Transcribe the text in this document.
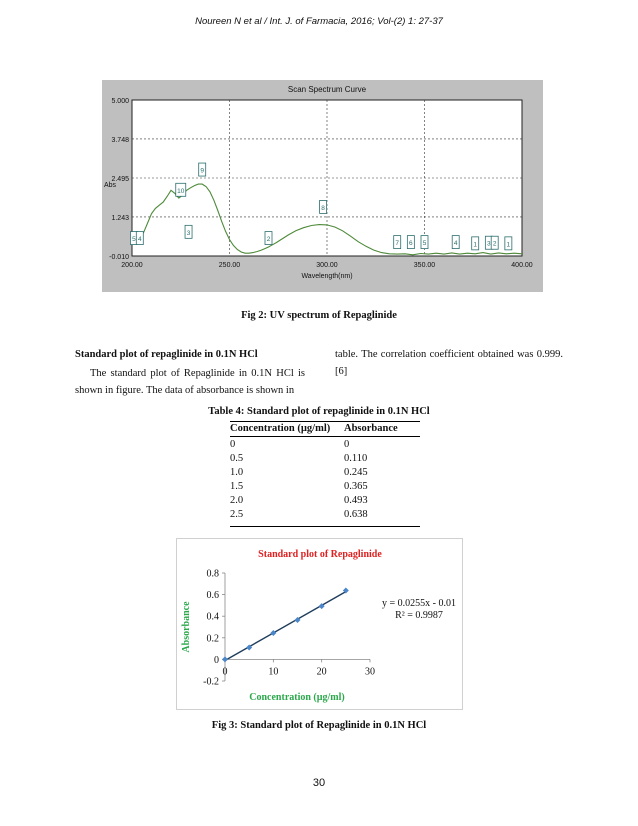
Noureen N et al / Int. J. of Farmacia, 2016; Vol-(2) 1: 27-37
Scan Spectrum Curve
5.000
3.748
2.495
1.243
-0.010
200.00	250.00	300.00	350.00	400.00
Wavelength(nm)
Abs
5 4
10
9
3
2
8
7 6 5	4 1 3 2 1
Fig 2: UV spectrum of Repaglinide
Standard plot of repaglinide in 0.1N HCl
The standard plot of Repaglinide in 0.1N HCl is shown in figure. The data of absorbance is shown in
table. The correlation coefficient obtained was 0.999. [6]
Table 4: Standard plot of repaglinide in 0.1N HCl
Concentration (µg/ml)	Absorbance
0	0
0.5	0.110
1.0	0.245
1.5	0.365
2.0	0.493
2.5	0.638
Standard plot of Repaglinide
-0.2
0
0.2
0.4
0.6
0.8
0	10	20	30
Concentration (µg/ml)
Absorbance	y = 0.0255x - 0.01
R² = 0.9987
Fig 3: Standard plot of Repaglinide in 0.1N HCl
30
